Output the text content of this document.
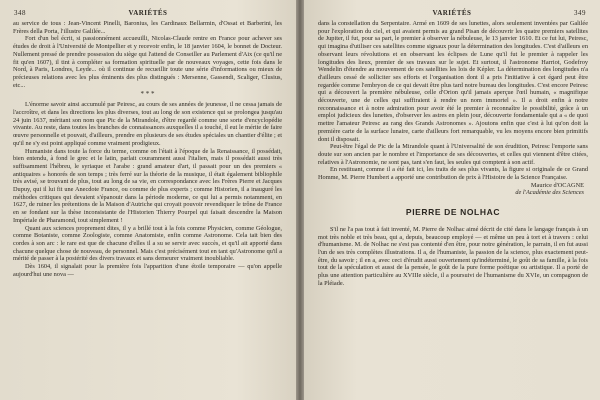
348	VARIÉTÉS

au service de tous : Jean-Vincent Pinelli, Baronius, les Cardinaux Bellarmin, d'Ossat et Barberini, les Frères della Porta, l'illustre Galilée...

Fort d'un bel écrit, si passionnément accueuilli, Nicolas-Claude rentre en France pour achever ses études de droit à l'Université de Montpellier et y recevoir enfin, le 18 janvier 1604, le bonnet de Docteur. Nullement pressé de prendre possession du siège qui l'attend de Conseiller au Parlement d'Aix (ce qu'il ne fit qu'en 1607), il tint à compléter sa formation spirituelle par de nouveaux voyages, cette fois dans le Nord, à Paris, Londres, Leyde... où il continue de recueillir toute une série d'informations ou mieux de précieuses relations avec les plus éminents des plus distingués : Mersenne, Gassendi, Scaliger, Clusius, etc...

* * *

L'énorme savoir ainsi accumulé par Peiresc, au cours de ses années de jeunesse, il ne cessa jamais de l'accroître, et dans les directions les plus diverses, tout au long de son existence qui se prolongea jusqu'au 24 juin 1637, méritant son nom que Pic de la Mirandole, d'être regardé comme une sorte d'encyclopédie vivante. Au reste, dans toutes les branches de connaissances auxquelles il a touché, il eut le mérite de faire œuvre personnelle et pouvait, d'ailleurs, prendre en plusieurs de ses études spéciales un chantier d'élite ; et qu'il ne s'y est point appliqué comme vraiment prodigieux.

Humaniste dans toute la force du terme, comme on l'était à l'époque de la Renaissance, il possédait, bien entendu, à fond le grec et le latin, parlait couramment aussi l'italien, mais il possédait aussi très suffisamment l'hébreu, le syriaque et l'arabe : grand amateur d'art, il passait pour un des premiers « antiquaires » honorés de son temps ; très ferré sur la théorie de la musique, il était également bibliophile très avisé, se trouvant de plus, tout au long de sa vie, en correspondance avec les Frères Pierre et Jacques Dupuy, qui il lui fit une Anecdote France, ou comme de plus experts ; comme Historien, il a inauguré les méthodes critiques qui devaient s'épanouir dans la période moderne, ce qui lui a permis notamment, en 1627, de ruiner les prétentions de la Maison d'Autriche qui croyait pouvoir revendiquer le trône de France en se fondant sur la thèse inconsistante de l'Historien Thierry Pourpel qui faisait descendre la Maison Impériale de Pharamond, tout simplement !

Quant aux sciences proprement dites, il y a brillé tout à la fois comme Physicien, comme Géologue, comme Botaniste, comme Zoologiste, comme Anatomiste, enfin comme Astronome. Cela tait bien des cordes à son arc : le rare est que de chacune d'elles il a su se servir avec succès, et qu'il ait apporté dans chacune quelque chose de nouveau, de personnel. Mais c'est précisément tout en tant qu'Astronome qu'il a mérité de passer à la postérité des divers travaux et sans demeurer vraiment inoubliable.

Dès 1604, il signalait pour la première fois l'apparition d'une étoile temporaire — qu'on appelle aujourd'hui une nova —

VARIÉTÉS	349

dans la constellation du Serpentaire. Armé en 1609 de ses lunettes, alors seulement inventées par Galilée pour l'exploration du ciel, et qui avaient permis au grand Pisan de découvrir les quatre premiers satellites de Jupiter, il fut, pour sa part, le premier à observer la nébuleuse, le 13 janvier 1610. Et ce fut lui, Peiresc, qui imagina d'utiliser ces satellites comme signaux pour la détermination des longitudes. C'est d'ailleurs en observant leurs révolutions et en observant les éclipses de Lune qu'il fut le premier à rappeler les longitudes des lieux, premier de ses travaux sur le sujet. Et surtout, il l'astronome Harriot, Godefroy Wendelin d'étendre au mouvement de ces satellites les lois de Képler. La détermination des longitudes n'a d'ailleurs cessé de solliciter ses efforts et l'organisation dont il a pris l'initiative à cet égard peut être regardée comme l'embryon de ce qui devait être plus tard notre bureau des longitudes. C'est encore Peiresc qui a découvert la première nébuleuse, celle d'Orion qu'il jamais aperçue l'œil humain, « magnifique découverte, une de celles qui suffiraient à rendre un nom immortel ». Il a droit enfin à notre reconnaissance et à notre admiration pour avoir été le premier à reconnaître le possibilité, grâce à un emploi judicieux des lunettes, d'observer les astres en plein jour, découverte fondamentale qui a « de quoi mettre l'amateur Peiresc au rang des Grands Astronomes ». Ajoutons enfin que c'est à lui qu'on doit la première carte de la surface lunaire, carte d'ailleurs fort remarquable, vu les moyens encore bien primitifs dont il disposait.

Peut-être l'égal de Pic de la Mirandole quant à l'Universalité de son érudition, Peiresc l'emporte sans doute sur son ancien par le nombre et l'importance de ses découvertes, et celles qui viennent d'être citées, relatives à l'Astronomie, ne sont pas, tant s'en faut, les seules qui comptent à son actif.

En restituant, comme il a été fait ici, les traits de ses plus vivants, la figure si originale de ce Grand Homme, M. Pierre Humbert a apporté une contribution de prix à l'Histoire de la Science Française.

Maurice d'OCAGNE
de l'Académie des Sciences
PIERRE DE NOLHAC

S'il ne l'a pas tout à fait inventé, M. Pierre de Nolhac aimé décrit de cité dans le langage français à un mot très noble et très beau, qui a, depuis, beaucoup employé — et même un peu à tort et à travers : celui d'humanisme. M. de Nolhac ne s'est pas contenté d'en être, pour notre génération, le parrain, il en fut aussi l'un de ses très complètes illustrations. Il a, de l'humaniste, la passion de la science, plus exactement peut-être, du savoir ; il en a, avec ceci d'érudit aussi ouvertement qu'indéterminé, le goût de sa famille, à la fois tout de la spéculation et aussi de la pensée, le goût de la pure forme poétique ou artistique. Il a porté de plus une attention particulière au XVIIIe siècle, il a poursuivi de l'humanisme du XVIe, un compagnon de la Pléiade.
